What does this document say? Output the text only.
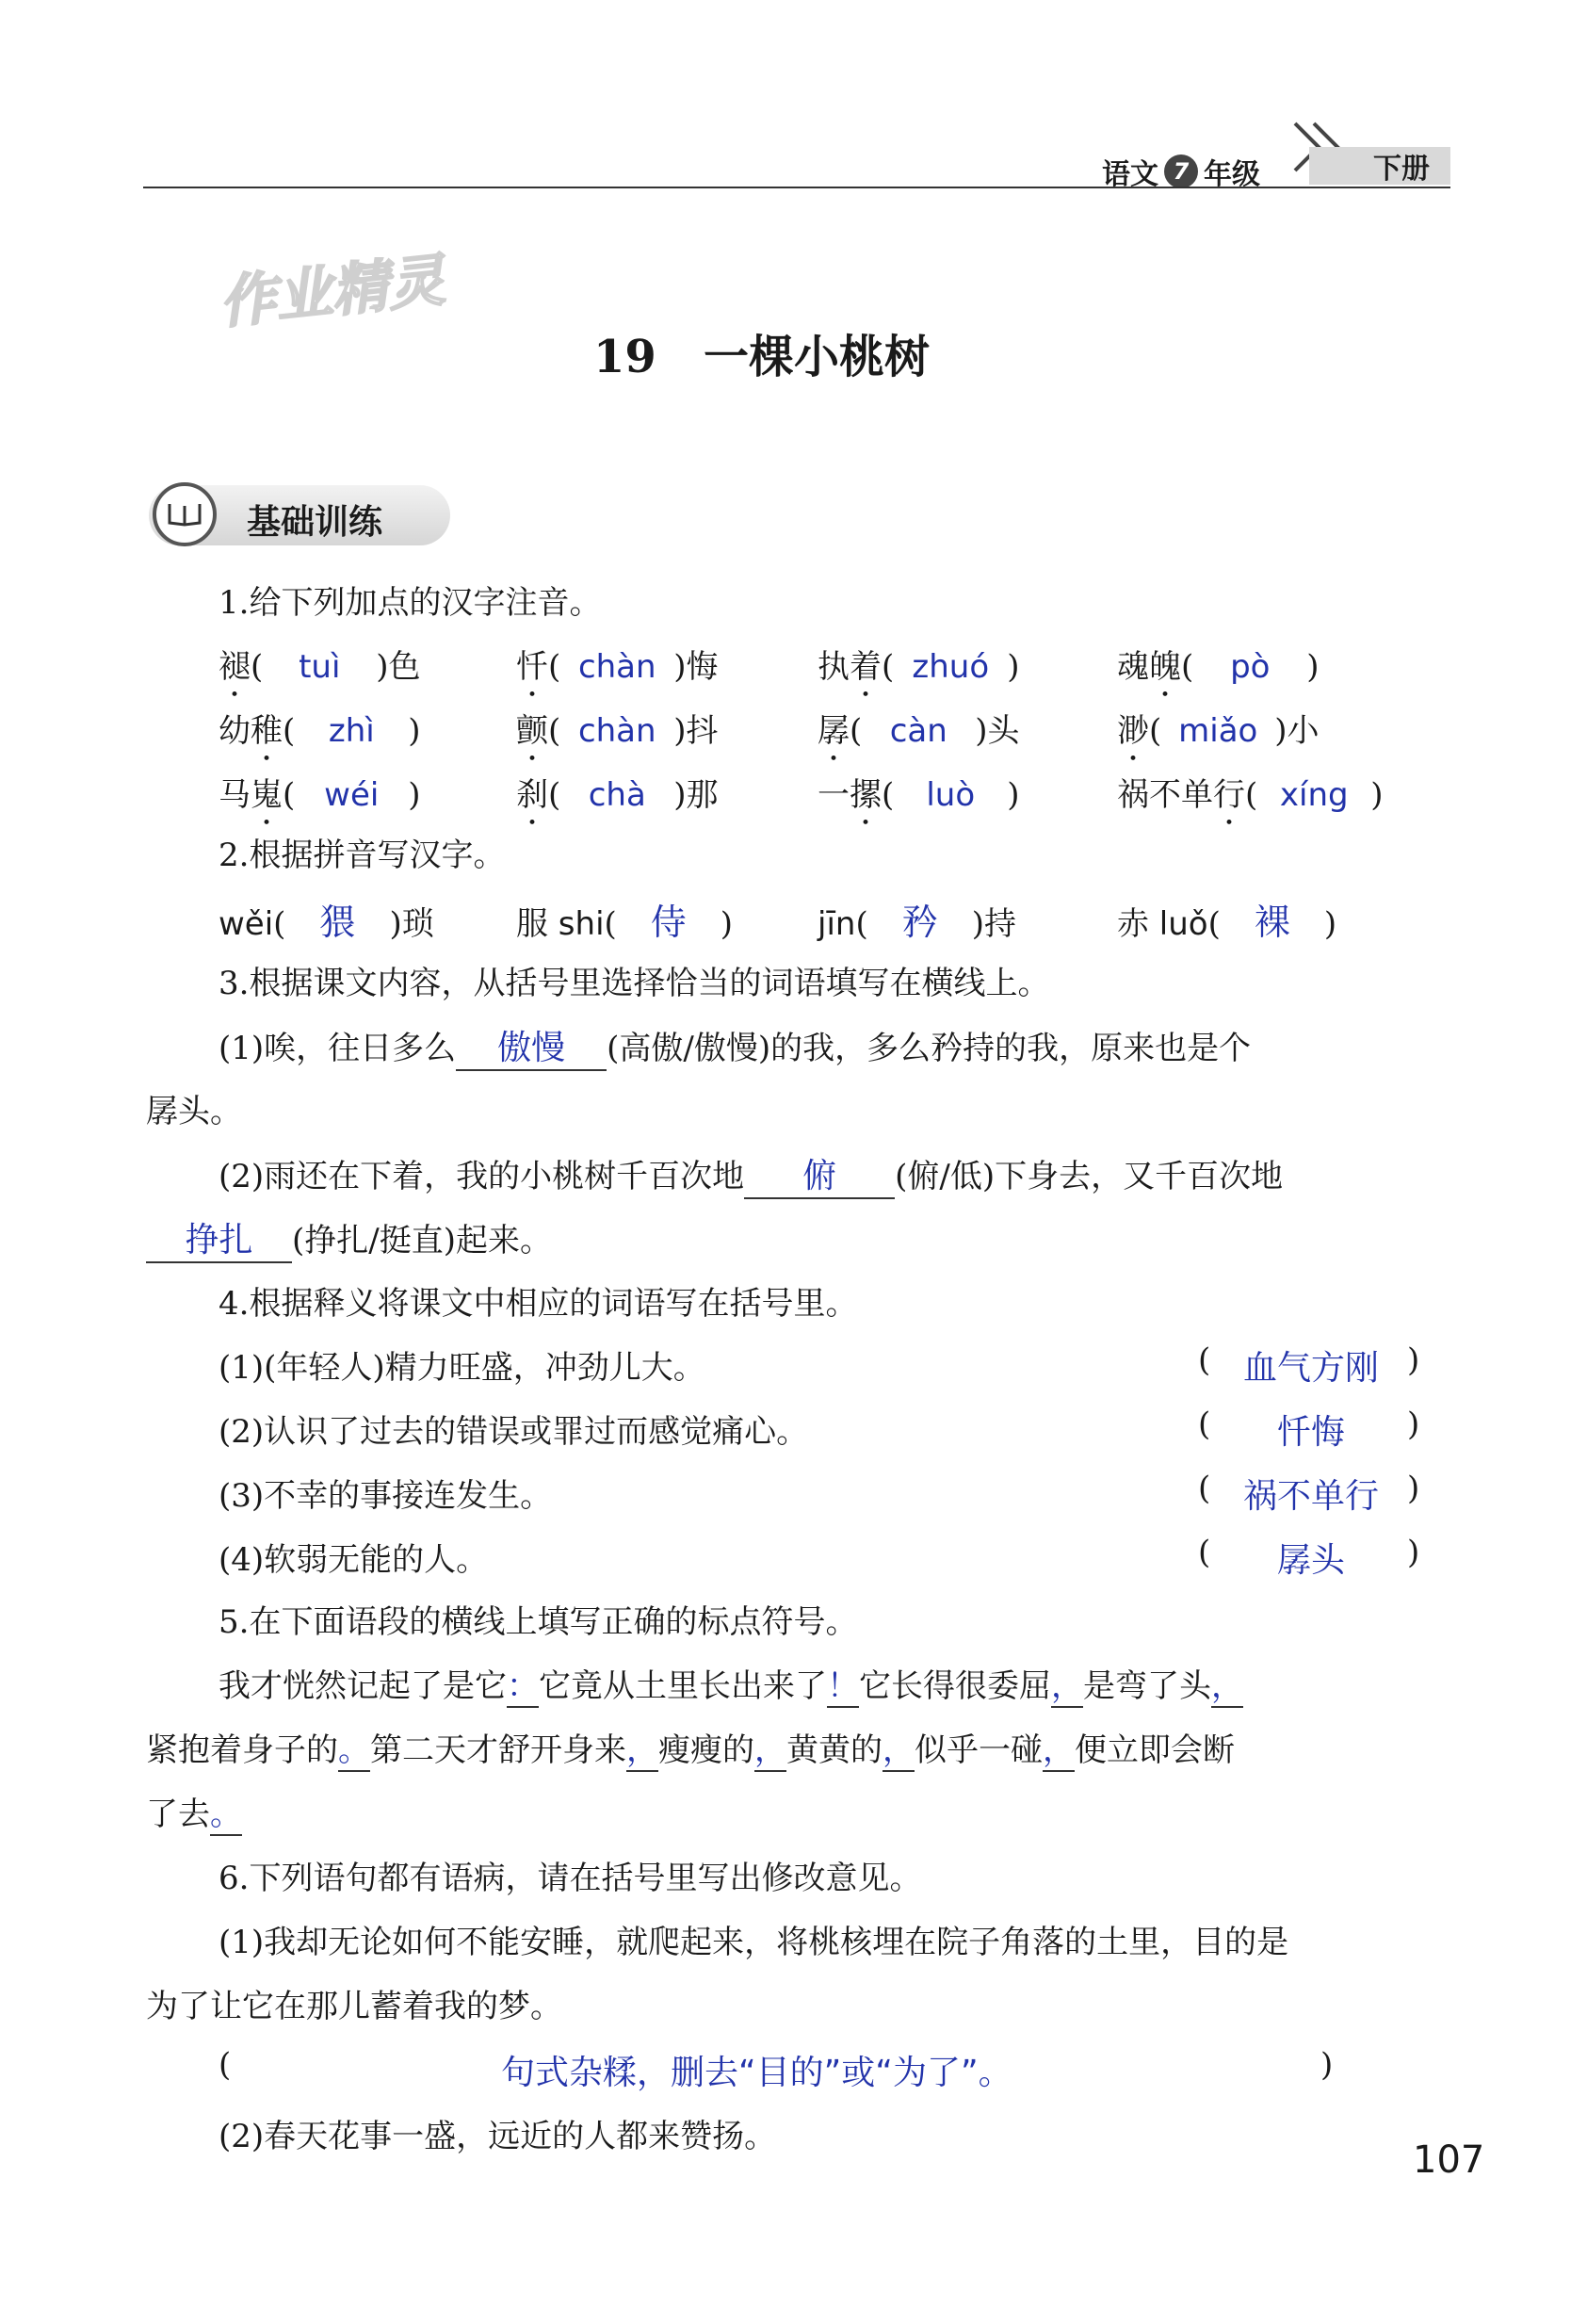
语文 7 年级	下册
作业精灵
19 一棵小桃树
基础训练
1.给下列加点的汉字注音。
褪( tuì )色	忏( chàn )悔	执着( zhuó )	魂魄( pò )
幼稚( zhì )	颤( chàn )抖	孱( càn )头	渺( miǎo )小
马嵬( wéi )	刹( chà )那	一摞( luò )	祸不单行( xíng )
2.根据拼音写汉字。
wěi( 猥 )琐	服 shi( 侍 )	jīn( 矜 )持	赤 luǒ( 裸 )
3.根据课文内容，从括号里选择恰当的词语填写在横线上。
(1)唉，往日多么 傲慢 (高傲/傲慢)的我，多么矜持的我，原来也是个
孱头。
(2)雨还在下着，我的小桃树千百次地 俯 (俯/低)下身去，又千百次地
挣扎 (挣扎/挺直)起来。
4.根据释义将课文中相应的词语写在括号里。
(1)(年轻人)精力旺盛，冲劲儿大。	( 血气方刚 )
(2)认识了过去的错误或罪过而感觉痛心。	(	忏悔	)
(3)不幸的事接连发生。	( 祸不单行 )
(4)软弱无能的人。	(	孱头	)
5.在下面语段的横线上填写正确的标点符号。
我才恍然记起了是它：它竟从土里长出来了！它长得很委屈，是弯了头，
紧抱着身子的。第二天才舒开身来，瘦瘦的，黄黄的，似乎一碰，便立即会断
了去。
6.下列语句都有语病，请在括号里写出修改意见。
(1)我却无论如何不能安睡，就爬起来，将桃核埋在院子角落的土里，目的是
为了让它在那儿蓄着我的梦。
(	句式杂糅，删去“目的”或“为了”。	)
(2)春天花事一盛，远近的人都来赞扬。
107
